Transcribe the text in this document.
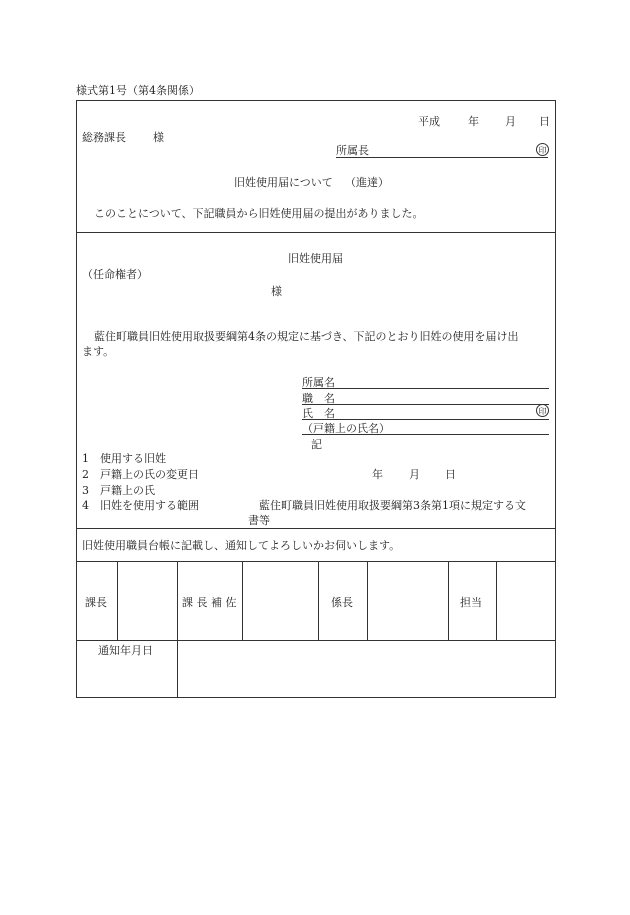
様式第1号（第4条関係）
平成	年 月 日
総務課長 様
所属長	印
旧姓使用届について （進達）
このことについて、下記職員から旧姓使用届の提出がありました。
旧姓使用届
（任命権者）
様
藍住町職員旧姓使用取扱要綱第4条の規定に基づき、下記のとおり旧姓の使用を届け出
ます。
所属名
職　名
氏　名	印
（戸籍上の氏名）
記
1 使用する旧姓
2 戸籍上の氏の変更日	年 月 日
3 戸籍上の氏
4 旧姓を使用する範囲	藍住町職員旧姓使用取扱要綱第3条第1項に規定する文
書等
旧姓使用職員台帳に記載し、通知してよろしいかお伺いします。
課長	課 長 補 佐	係長	担当
通知年月日
